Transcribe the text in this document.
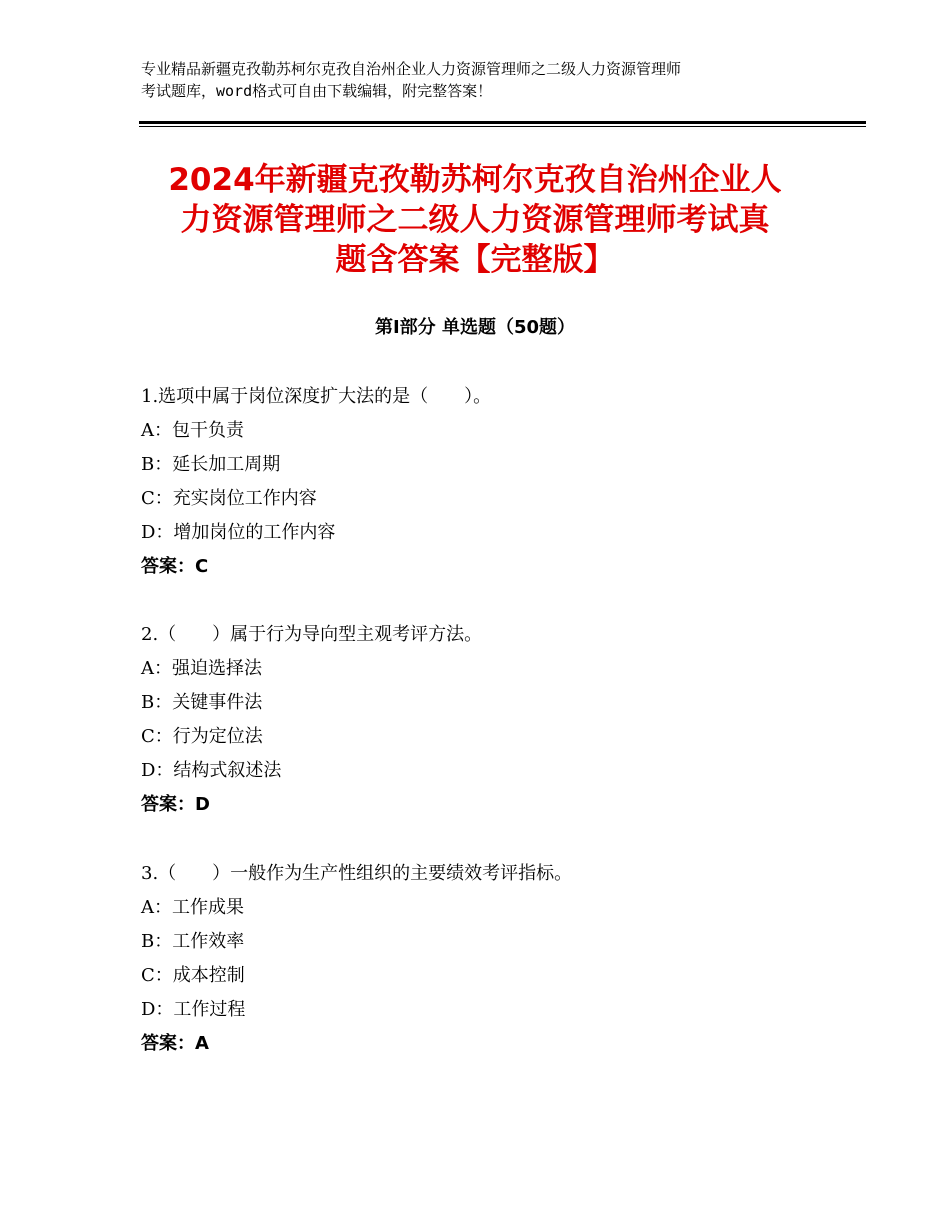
专业精品新疆克孜勒苏柯尔克孜自治州企业人力资源管理师之二级人力资源管理师
考试题库，word格式可自由下载编辑，附完整答案！
2024年新疆克孜勒苏柯尔克孜自治州企业人
力资源管理师之二级人力资源管理师考试真
题含答案【完整版】
第Ⅰ部分 单选题（50题）
1.选项中属于岗位深度扩大法的是（　　）。
A：包干负责
B：延长加工周期
C：充实岗位工作内容
D：增加岗位的工作内容
答案：C
2.（　　）属于行为导向型主观考评方法。
A：强迫选择法
B：关键事件法
C：行为定位法
D：结构式叙述法
答案：D
3.（　　）一般作为生产性组织的主要绩效考评指标。
A：工作成果
B：工作效率
C：成本控制
D：工作过程
答案：A
